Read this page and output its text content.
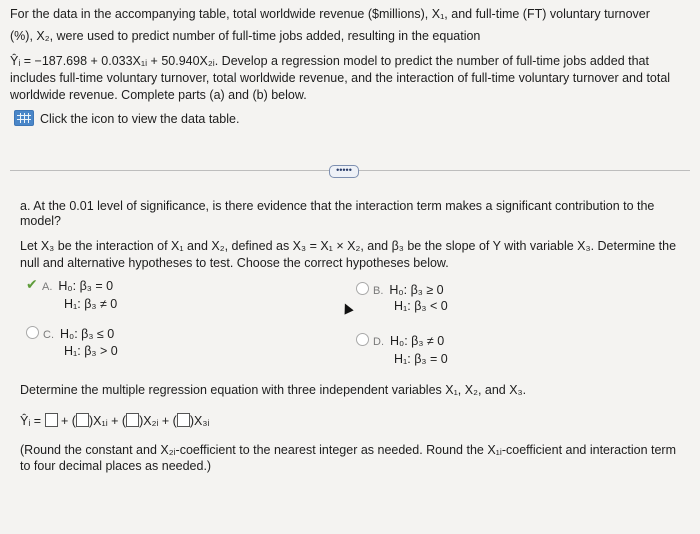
For the data in the accompanying table, total worldwide revenue ($millions), X₁, and full-time (FT) voluntary turnover
(%), X₂, were used to predict number of full-time jobs added, resulting in the equation
Ŷᵢ = −187.698 + 0.033X₁ᵢ + 50.940X₂ᵢ. Develop a regression model to predict the number of full-time jobs added that
includes full-time voluntary turnover, total worldwide revenue, and the interaction of full-time voluntary turnover and total
worldwide revenue. Complete parts (a) and (b) below.
Click the icon to view the data table.
•••••
a. At the 0.01 level of significance, is there evidence that the interaction term makes a significant contribution to the
model?
Let X₃ be the interaction of X₁ and X₂, defined as X₃ = X₁ × X₂, and β₃ be the slope of Y with variable X₃. Determine the
null and alternative hypotheses to test. Choose the correct hypotheses below.
✔ A. H₀: β₃ = 0
H₁: β₃ ≠ 0
B. H₀: β₃ ≥ 0
H₁: β₃ < 0
C. H₀: β₃ ≤ 0
H₁: β₃ > 0
D. H₀: β₃ ≠ 0
H₁: β₃ = 0
Determine the multiple regression equation with three independent variables X₁, X₂, and X₃.
Ŷᵢ =  + ( )X₁ᵢ + ( )X₂ᵢ + ( )X₃ᵢ
(Round the constant and X₂ᵢ-coefficient to the nearest integer as needed. Round the X₁ᵢ-coefficient and interaction term
to four decimal places as needed.)
